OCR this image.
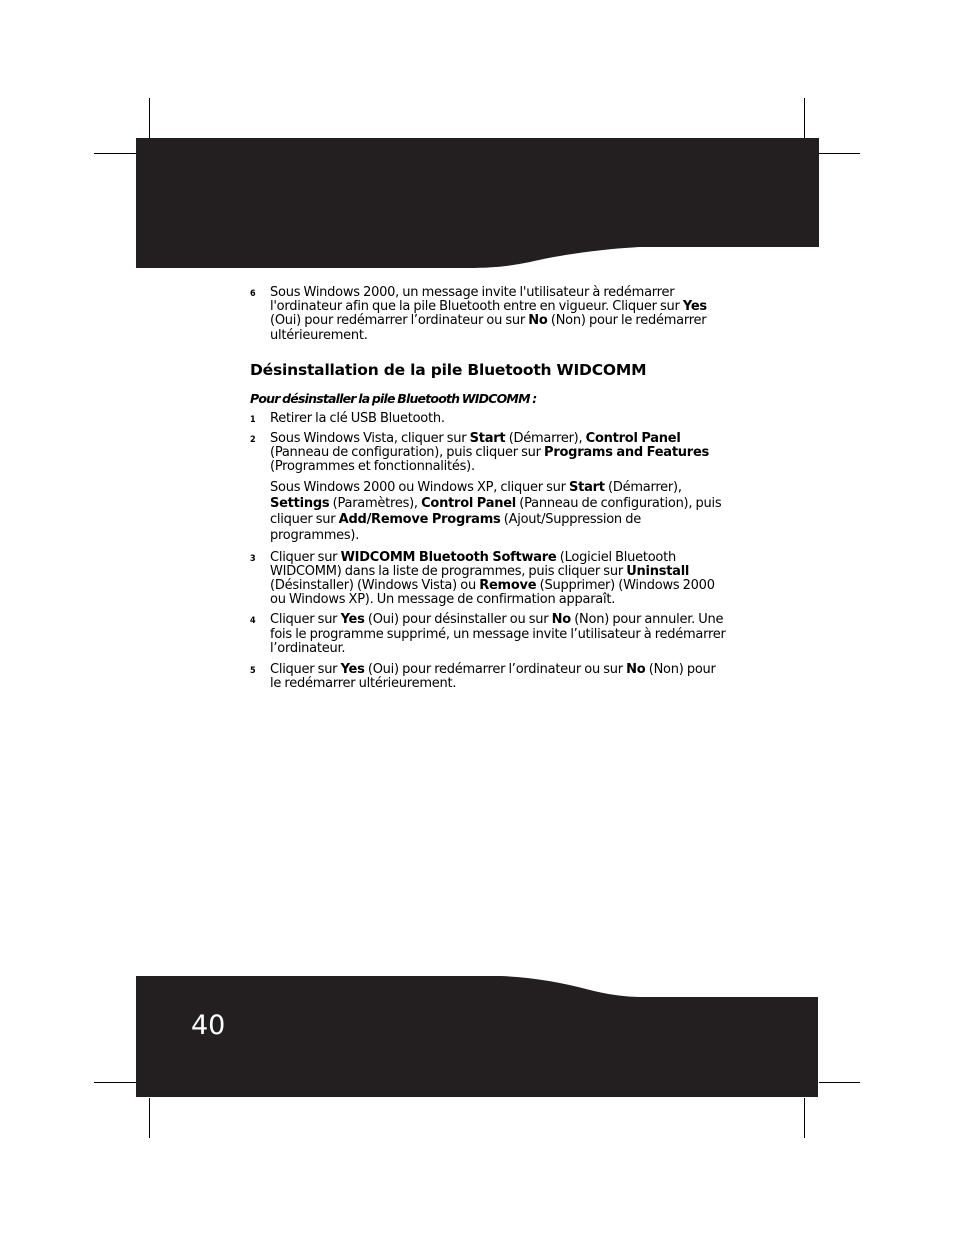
40
6 Sous Windows 2000, un message invite l'utilisateur à redémarrer
l'ordinateur afin que la pile Bluetooth entre en vigueur. Cliquer sur Yes
(Oui) pour redémarrer l’ordinateur ou sur No (Non) pour le redémarrer
ultérieurement.
Désinstallation de la pile Bluetooth WIDCOMM
Pour désinstaller la pile Bluetooth WIDCOMM :
1 Retirer la clé USB Bluetooth.
2 Sous Windows Vista, cliquer sur Start (Démarrer), Control Panel
(Panneau de configuration), puis cliquer sur Programs and Features
(Programmes et fonctionnalités).
Sous Windows 2000 ou Windows XP, cliquer sur Start (Démarrer),
Settings (Paramètres), Control Panel (Panneau de configuration), puis
cliquer sur Add/Remove Programs (Ajout/Suppression de
programmes).
3 Cliquer sur WIDCOMM Bluetooth Software (Logiciel Bluetooth
WIDCOMM) dans la liste de programmes, puis cliquer sur Uninstall
(Désinstaller) (Windows Vista) ou Remove (Supprimer) (Windows 2000
ou Windows XP). Un message de confirmation apparaît.
4 Cliquer sur Yes (Oui) pour désinstaller ou sur No (Non) pour annuler. Une
fois le programme supprimé, un message invite l’utilisateur à redémarrer
l’ordinateur.
5 Cliquer sur Yes (Oui) pour redémarrer l’ordinateur ou sur No (Non) pour
le redémarrer ultérieurement.
